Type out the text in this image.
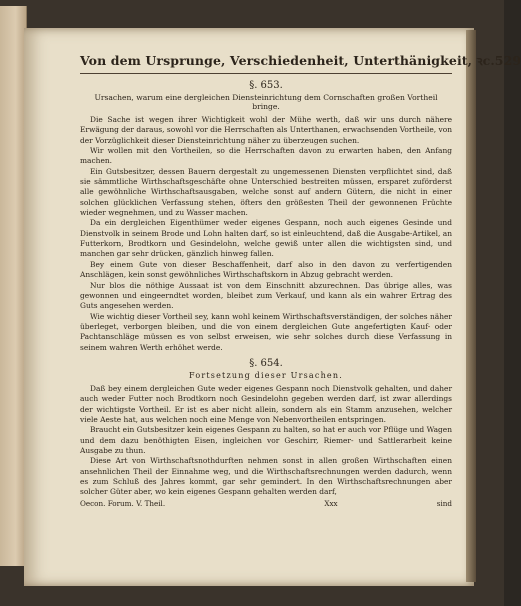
Von dem Ursprunge, Verschiedenheit, Unterthänigkeit, ꝛc. 529
§. 653.
Ursachen, warum eine dergleichen Diensteinrichtung dem Cornschaften großen Vortheil bringe.

Die Sache ist wegen ihrer Wichtigkeit wohl der Mühe werth, daß wir uns durch nähere Erwägung der daraus, sowohl vor die Herrschaften als Unterthanen, erwachsenden Vortheile, von der Vorzüglichkeit dieser Diensteinrichtung näher zu überzeugen suchen.

Wir wollen mit den Vortheilen, so die Herrschaften davon zu erwarten haben, den Anfang machen.

Ein Gutsbesitzer, dessen Bauern dergestalt zu ungemessenen Diensten verpflichtet sind, daß sie sämmtliche Wirthschaftsgeschäfte ohne Unterschied bestreiten müssen, ersparet zuförderst alle gewöhnliche Wirthschaftsausgaben, welche sonst auf andern Gütern, die nicht in einer solchen glücklichen Verfassung stehen, öfters den größesten Theil der gewonnenen Früchte wieder wegnehmen, und zu Wasser machen.

Da ein dergleichen Eigenthümer weder eigenes Gespann, noch auch eigenes Gesinde und Dienstvolk in seinem Brode und Lohn halten darf, so ist einleuchtend, daß die Ausgabe-Artikel, an Futterkorn, Brodtkorn und Gesindelohn, welche gewiß unter allen die wichtigsten sind, und manchen gar sehr drücken, gänzlich hinweg fallen.

Bey einem Gute von dieser Beschaffenheit, darf also in den davon zu verfertigenden Anschlägen, kein sonst gewöhnliches Wirthschaftskorn in Abzug gebracht werden.

Nur blos die nöthige Aussaat ist von dem Einschnitt abzurechnen. Das übrige alles, was gewonnen und eingeerndtet worden, bleibet zum Verkauf, und kann als ein wahrer Ertrag des Guts angesehen werden.

Wie wichtig dieser Vortheil sey, kann wohl keinem Wirthschaftsverständigen, der solches näher überleget, verborgen bleiben, und die von einem dergleichen Gute angefertigten Kauf- oder Pachtanschläge müssen es von selbst erweisen, wie sehr solches durch diese Verfassung in seinem wahren Werth erhöhet werde.

§. 654.
Fortsetzung dieser Ursachen.

Daß bey einem dergleichen Gute weder eigenes Gespann noch Dienstvolk gehalten, und daher auch weder Futter noch Brodtkorn noch Gesindelohn gegeben werden darf, ist zwar allerdings der wichtigste Vortheil. Er ist es aber nicht allein, sondern als ein Stamm anzusehen, welcher viele Aeste hat, aus welchen noch eine Menge von Nebenvortheilen entspringen.

Braucht ein Gutsbesitzer kein eigenes Gespann zu halten, so hat er auch vor Pflüge und Wagen und dem dazu benöthigten Eisen, ingleichen vor Geschirr, Riemer- und Sattlerarbeit keine Ausgabe zu thun.

Diese Art von Wirthschaftsnothdurften nehmen sonst in allen großen Wirthschaften einen ansehnlichen Theil der Einnahme weg, und die Wirthschaftsrechnungen werden dadurch, wenn es zum Schluß des Jahres kommt, gar sehr gemindert. In den Wirthschaftsrechnungen aber solcher Güter aber, wo kein eigenes Gespann gehalten werden darf,

Oecon. Forum. V. Theil.	Xxx	sind
